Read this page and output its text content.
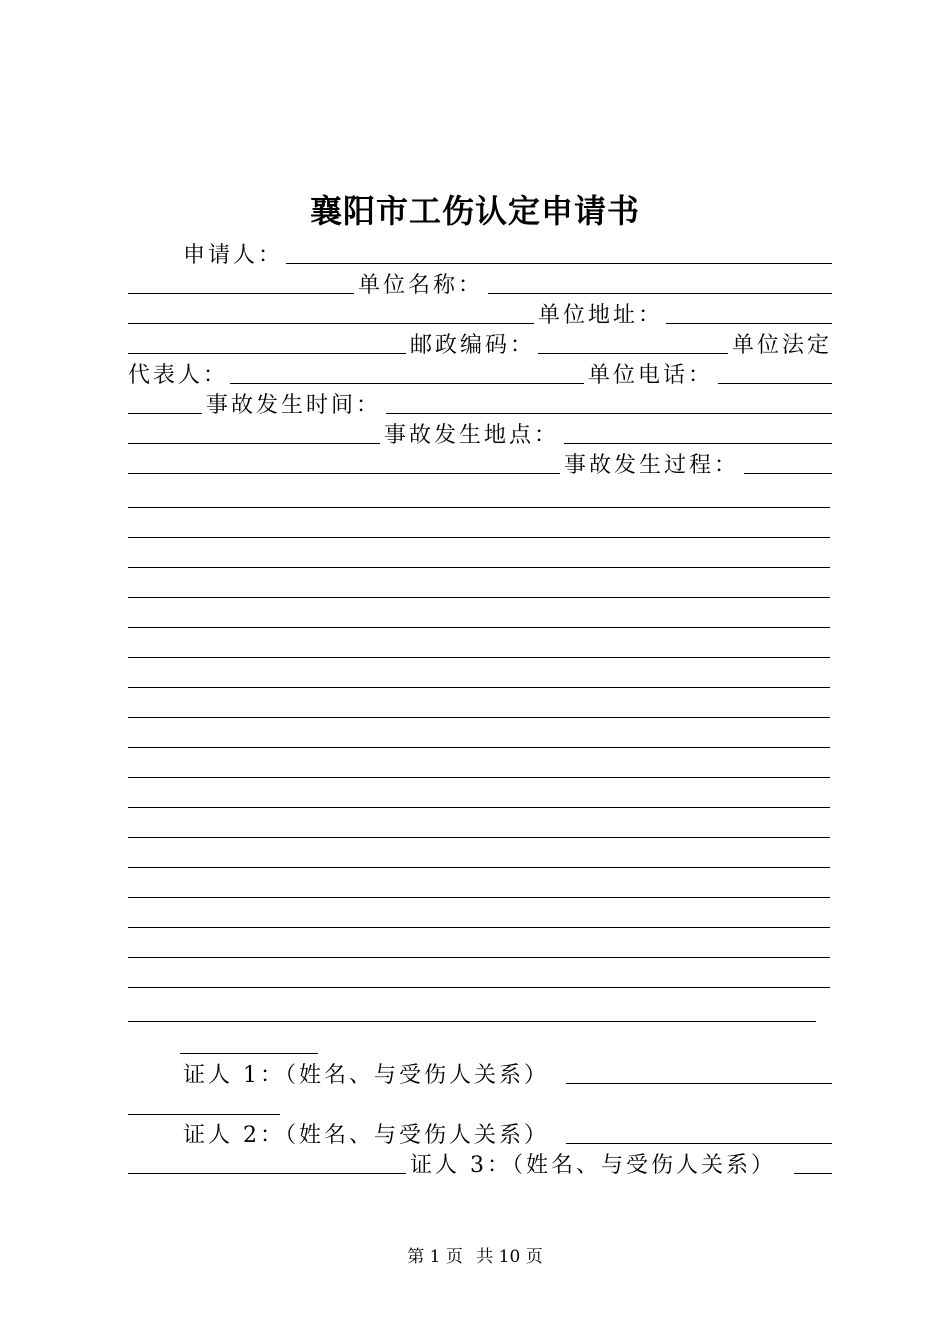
襄阳市工伤认定申请书
申请人：
单位名称：
单位地址：
邮政编码：	单位法定
代表人：	单位电话：
事故发生时间：
事故发生地点：
事故发生过程：
证人 1：（姓名、与受伤人关系）
证人 2：（姓名、与受伤人关系）
证人 3：（姓名、与受伤人关系）
第 1 页 共 10 页
